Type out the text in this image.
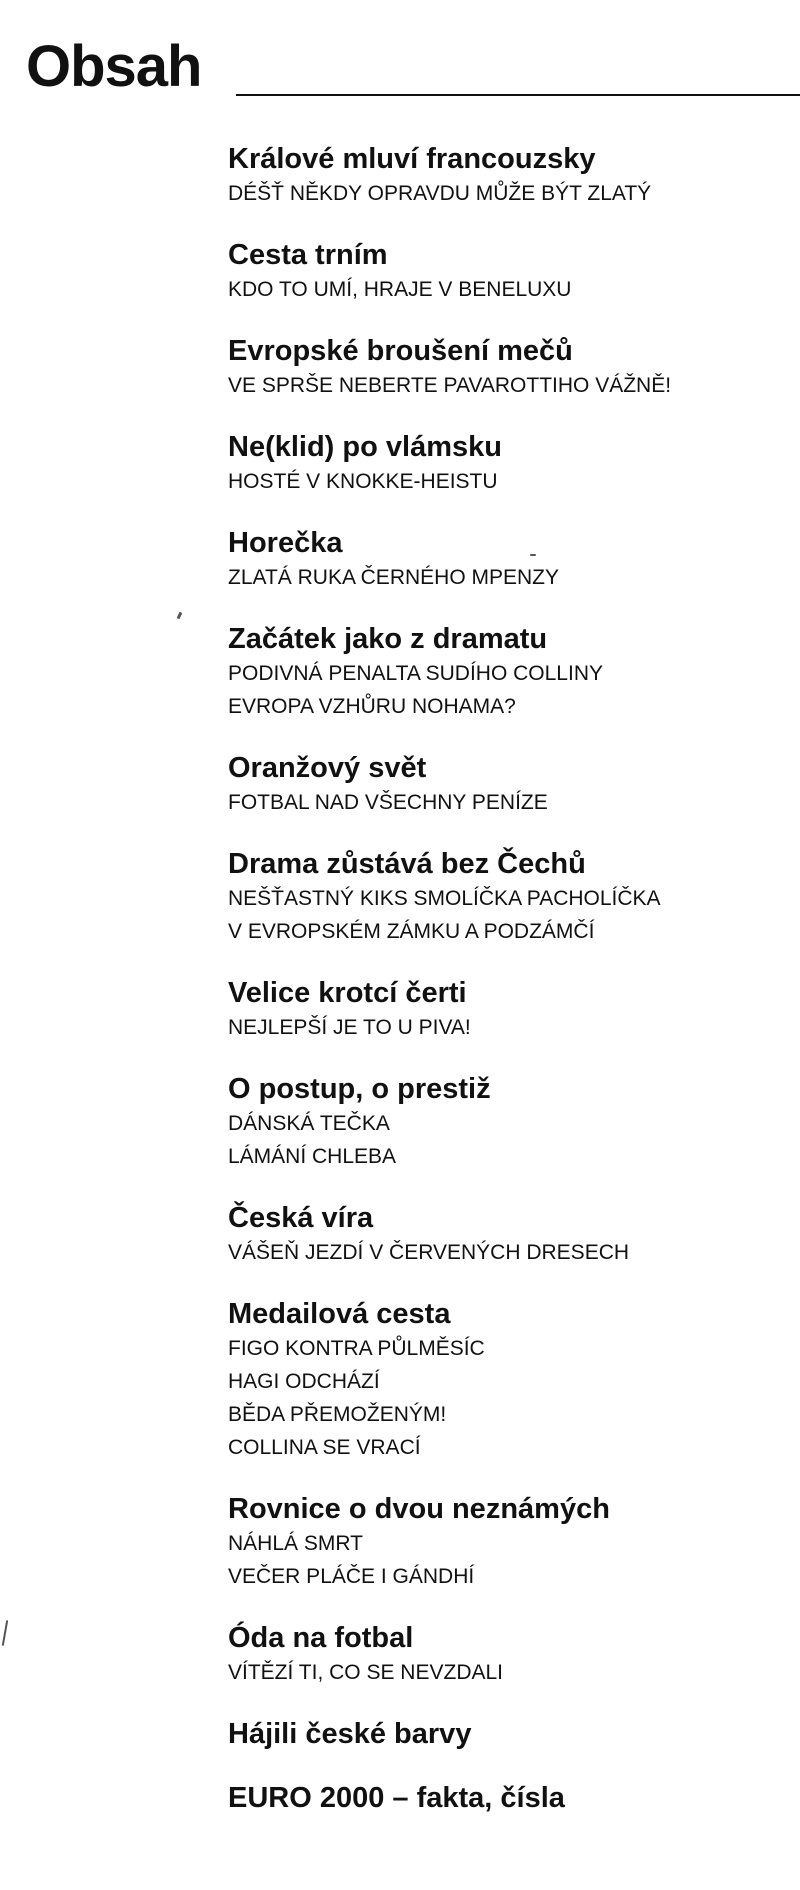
Obsah
Králové mluví francouzsky
DÉŠŤ NĚKDY OPRAVDU MŮŽE BÝT ZLATÝ
Cesta trním
KDO TO UMÍ, HRAJE V BENELUXU
Evropské broušení mečů
VE SPRŠE NEBERTE PAVAROTTIHO VÁŽNĚ!
Ne(klid) po vlámsku
HOSTÉ V KNOKKE-HEISTU
Horečka
ZLATÁ RUKA ČERNÉHO MPENZY
Začátek jako z dramatu
PODIVNÁ PENALTA SUDÍHO COLLINY
EVROPA VZHŮRU NOHAMA?
Oranžový svět
FOTBAL NAD VŠECHNY PENÍZE
Drama zůstává bez Čechů
NEŠŤASTNÝ KIKS SMOLÍČKA PACHOLÍČKA
V EVROPSKÉM ZÁMKU A PODZÁMČÍ
Velice krotcí čerti
NEJLEPŠÍ JE TO U PIVA!
O postup, o prestiž
DÁNSKÁ TEČKA
LÁMÁNÍ CHLEBA
Česká víra
VÁŠEŇ JEZDÍ V ČERVENÝCH DRESECH
Medailová cesta
FIGO KONTRA PŮLMĚSÍC
HAGI ODCHÁZÍ
BĚDA PŘEMOŽENÝM!
COLLINA SE VRACÍ
Rovnice o dvou neznámých
NÁHLÁ SMRT
VEČER PLÁČE I GÁNDHÍ
Óda na fotbal
VÍTĚZÍ TI, CO SE NEVZDALI
Hájili české barvy
EURO 2000 – fakta, čísla
